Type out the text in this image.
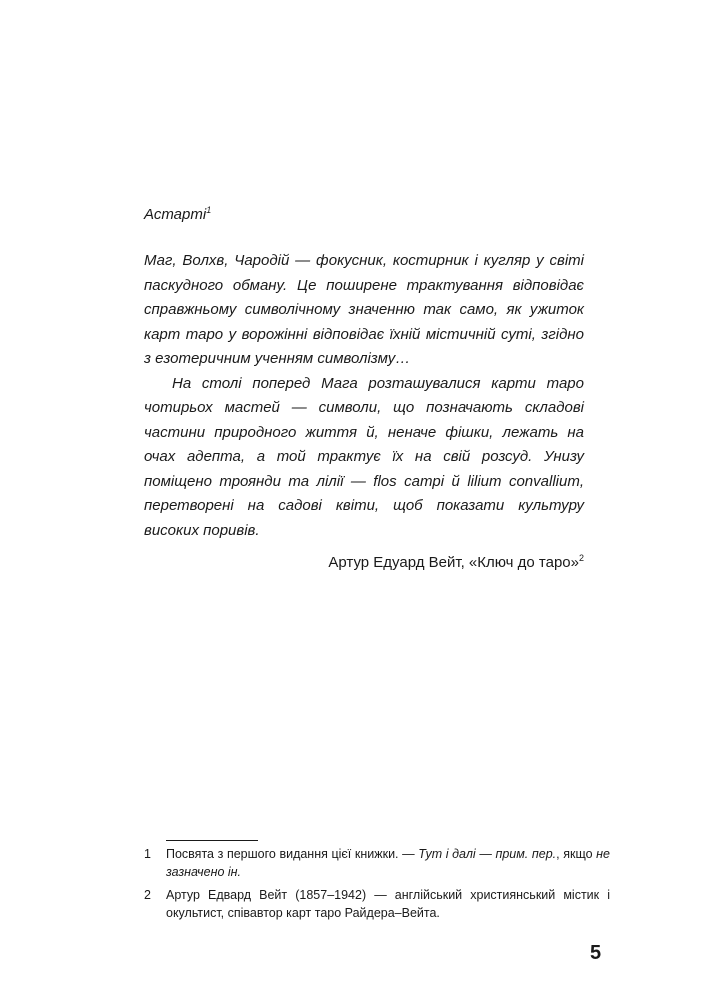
Астарті$^1$

Маг, Волхв, Чародій — фокусник, костирник і кугляр у світі паскудного обману. Це поширене трактування відповідає справжньому символічному значенню так само, як ужиток карт таро у ворожінні відповідає їхній містичній суті, згідно з езотеричним ученням символізму…

На столі поперед Мага розташувалися карти таро чотирьох мастей — символи, що позначають складові частини природного життя й, неначе фішки, лежать на очах адепта, а той трактує їх на свій розсуд. Унизу поміщено троянди та лілії — flos campi й lilium convallium, перетворені на садові квіти, щоб показати культуру високих поривів.

Артур Едуард Вейт, «Ключ до таро»$^2$
1	Посвята з першого видання цієї книжки. — Тут і далі — прим. пер., якщо не зазначено ін.
2	Артур Едвард Вейт (1857–1942) — англійський християнський містик і окультист, співавтор карт таро Райдера–Вейта.
5
